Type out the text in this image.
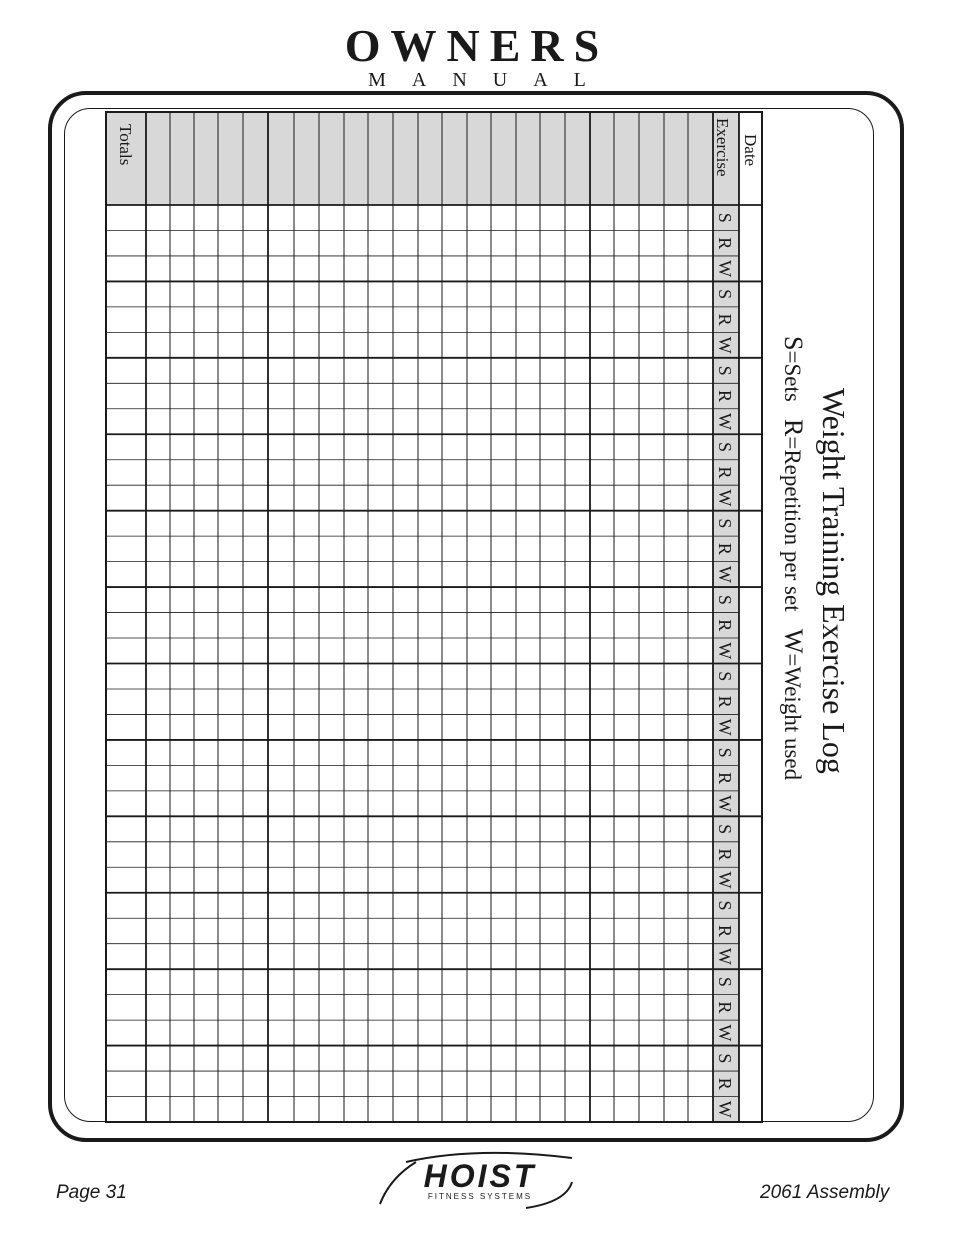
OWNERS
MANUAL
S
R
W
S
R
W
S
R
W
S
R
W
S
R
W
S
R
W
S
R
W
S
R
W
S
R
W
S
R
W
S
R
W
S
R
W
Date
Exercise
Totals
Weight Training Exercise Log
S=Sets   R=Repetition per set   W=Weight used
Page 31	2061 Assembly
HOIST
FITNESS SYSTEMS
